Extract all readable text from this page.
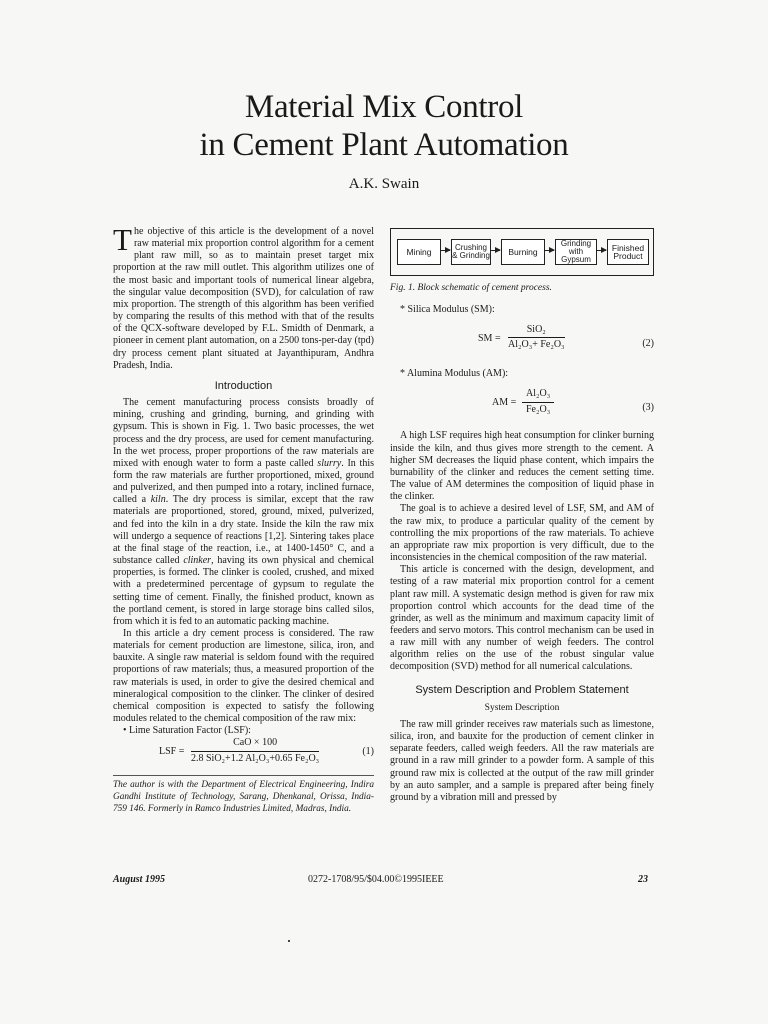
Material Mix Control
in Cement Plant Automation
A.K. Swain

The objective of this article is the development of a novel raw material mix proportion control algorithm for a cement plant raw mill, so as to maintain preset target mix proportion at the raw mill outlet. This algorithm utilizes one of the most basic and important tools of numerical linear algebra, the singular value decomposition (SVD), for calculation of raw mix proportion. The strength of this algorithm has been verified by comparing the results of this method with that of the results of the QCX-software developed by F.L. Smidth of Denmark, a pioneer in cement plant automation, on a 2500 tons-per-day (tpd) dry process cement plant situated at Jayanthipuram, Andhra Pradesh, India.

Introduction

The cement manufacturing process consists broadly of mining, crushing and grinding, burning, and grinding with gypsum. This is shown in Fig. 1. Two basic processes, the wet process and the dry process, are used for cement manufacturing. In the wet process, proper proportions of the raw materials are mixed with enough water to form a paste called slurry. In this form the raw materials are further proportioned, mixed, ground and pulverized, and then pumped into a rotary, inclined furnace, called a kiln. The dry process is similar, except that the raw materials are proportioned, stored, ground, mixed, pulverized, and fed into the kiln in a dry state. Inside the kiln the raw mix will undergo a sequence of reactions [1,2]. Sintering takes place at the final stage of the reaction, i.e., at 1400-1450° C, and a substance called clinker, having its own physical and chemical properties, is formed. The clinker is cooled, crushed, and mixed with a predetermined percentage of gypsum to regulate the setting time of cement. Finally, the finished product, known as the portland cement, is stored in large storage bins called silos, from which it is fed to an automatic packing machine.

In this article a dry cement process is considered. The raw materials for cement production are limestone, silica, iron, and bauxite. A single raw material is seldom found with the required proportions of raw materials; thus, a measured proportion of the raw materials is used, in order to give the desired chemical and mineralogical composition to the clinker. The clinker of desired chemical composition is expected to satisfy the following modules related to the chemical composition of the raw mix:

• Lime Saturation Factor (LSF):

LSF =
CaO × 100
2.8 SiO₂+1.2 Al₂O₃+0.65 Fe₂O₃
(1)
The author is with the Department of Electrical Engineering, Indira Gandhi Institute of Technology, Sarang, Dhenkanal, Orissa, India-759 146. Formerly in Ramco Industries Limited, Madras, India.
Mining	Crushing & Grinding	Burning
Grinding with Gypsum
Finished Product
Fig. 1. Block schematic of cement process.

* Silica Modulus (SM):

SM =
SiO₂
Al₂O₃+ Fe₂O₃	(2)

* Alumina Modulus (AM):

AM = $\frac{\text{Al₂O₃}}{\text{Fe₂O₃}}$	(3)

A high LSF requires high heat consumption for clinker burning inside the kiln, and thus gives more strength to the cement. A higher SM decreases the liquid phase content, which impairs the burnability of the clinker and reduces the cement setting time. The value of AM determines the composition of liquid phase in the clinker.

The goal is to achieve a desired level of LSF, SM, and AM of the raw mix, to produce a particular quality of the cement by controlling the mix proportions of the raw materials. To achieve an appropriate raw mix proportion is very difficult, due to the inconsistencies in the chemical composition of the raw material.

This article is concerned with the design, development, and testing of a raw material mix proportion control for a cement plant raw mill. A systematic design method is given for raw mix proportion control which accounts for the dead time of the grinder, as well as the minimum and maximum capacity limit of feeders and servo motors. This control mechanism can be used in a raw mill with any number of weigh feeders. The control algorithm relies on the use of the robust singular value decomposition (SVD) method for all numerical calculations.

System Description and Problem Statement
System Description

The raw mill grinder receives raw materials such as limestone, silica, iron, and bauxite for the production of cement clinker in separate feeders, called weigh feeders. All the raw materials are ground in a raw mill grinder to a powder form. A sample of this ground raw mix is collected at the output of the raw mill grinder by an auto sampler, and a sample is prepared after being finely ground by a vibration mill and pressed by

August 1995	0272-1708/95/$04.00©1995IEEE	23
